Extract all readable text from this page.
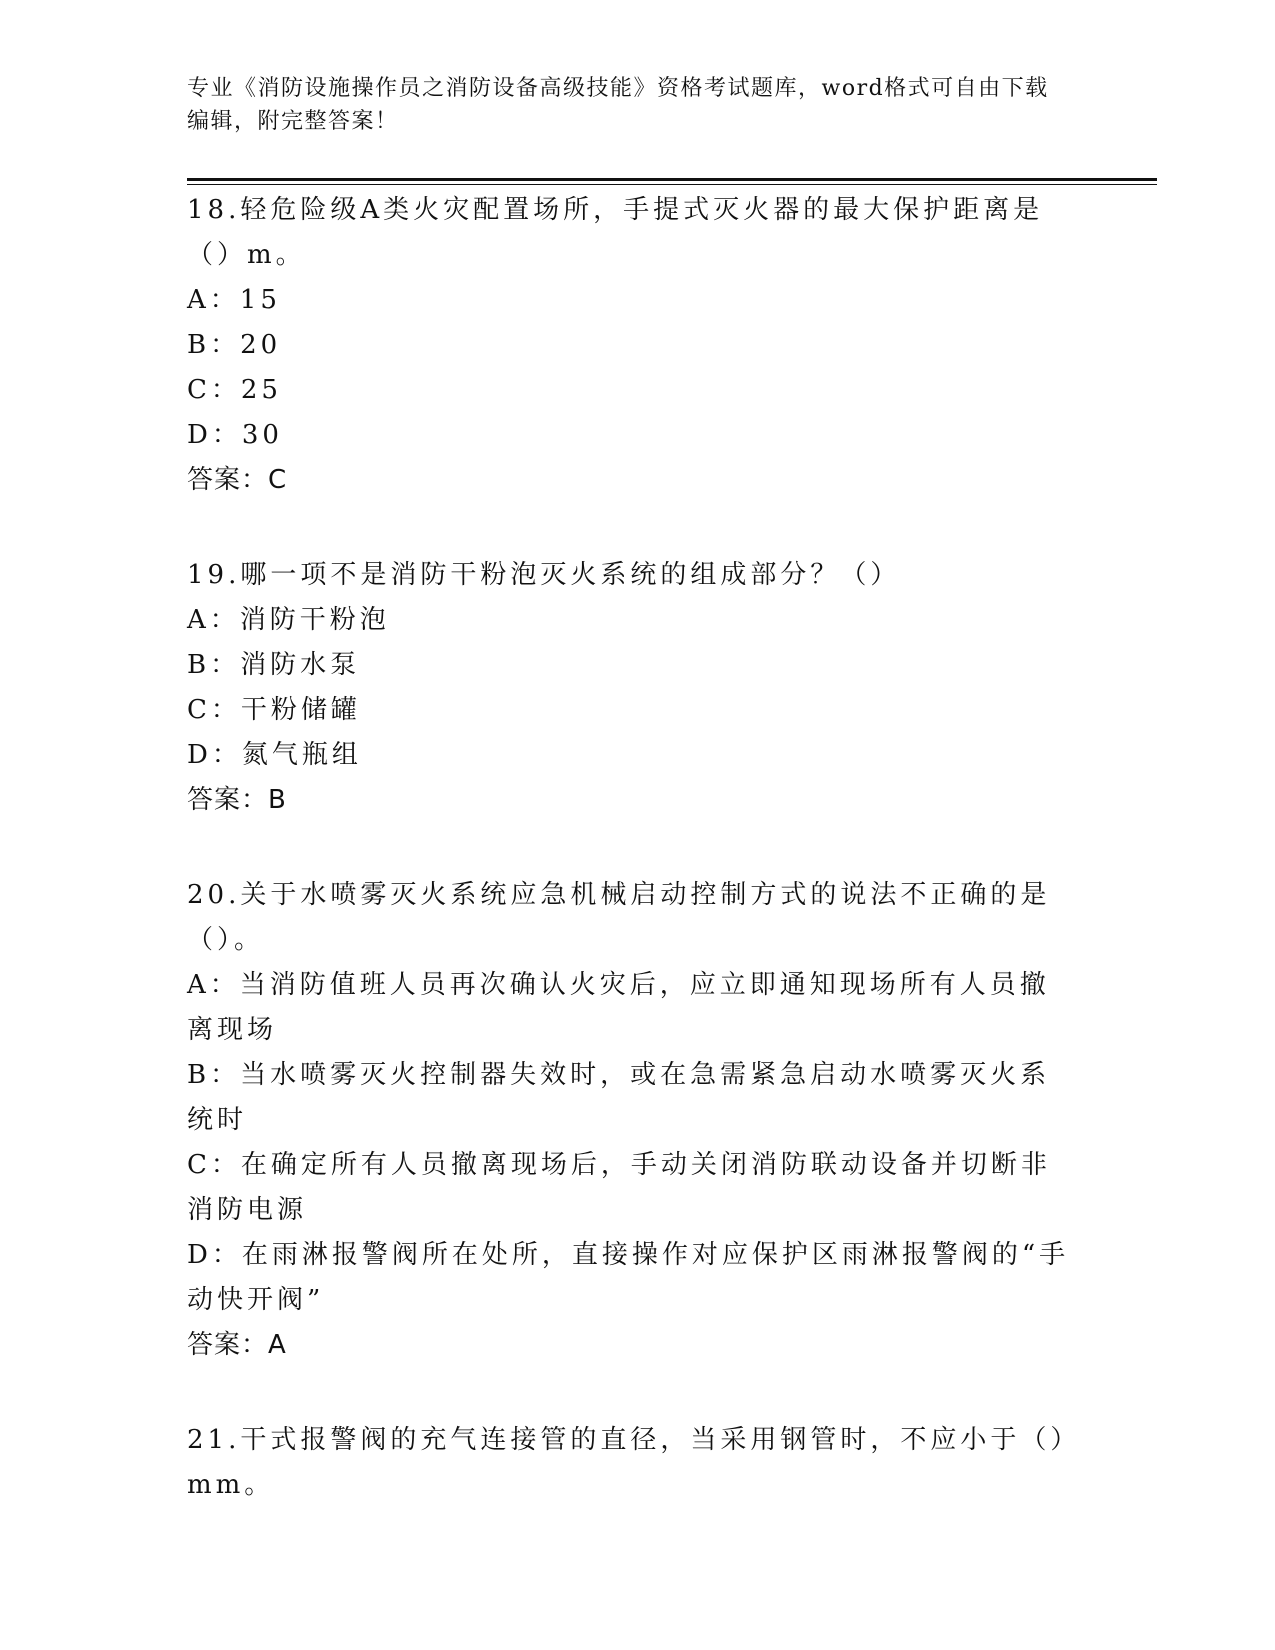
专业《消防设施操作员之消防设备高级技能》资格考试题库，word格式可自由下载编辑，附完整答案！
18.轻危险级A类火灾配置场所，手提式灭火器的最大保护距离是（）m。
A：15
B：20
C：25
D：30
答案：C
19.哪一项不是消防干粉泡灭火系统的组成部分？（）
A：消防干粉泡
B：消防水泵
C：干粉储罐
D：氮气瓶组
答案：B
20.关于水喷雾灭火系统应急机械启动控制方式的说法不正确的是（）。
A：当消防值班人员再次确认火灾后，应立即通知现场所有人员撤离现场
B：当水喷雾灭火控制器失效时，或在急需紧急启动水喷雾灭火系统时
C：在确定所有人员撤离现场后，手动关闭消防联动设备并切断非消防电源
D：在雨淋报警阀所在处所，直接操作对应保护区雨淋报警阀的“手动快开阀”
答案：A
21.干式报警阀的充气连接管的直径，当采用钢管时，不应小于（）mm。
